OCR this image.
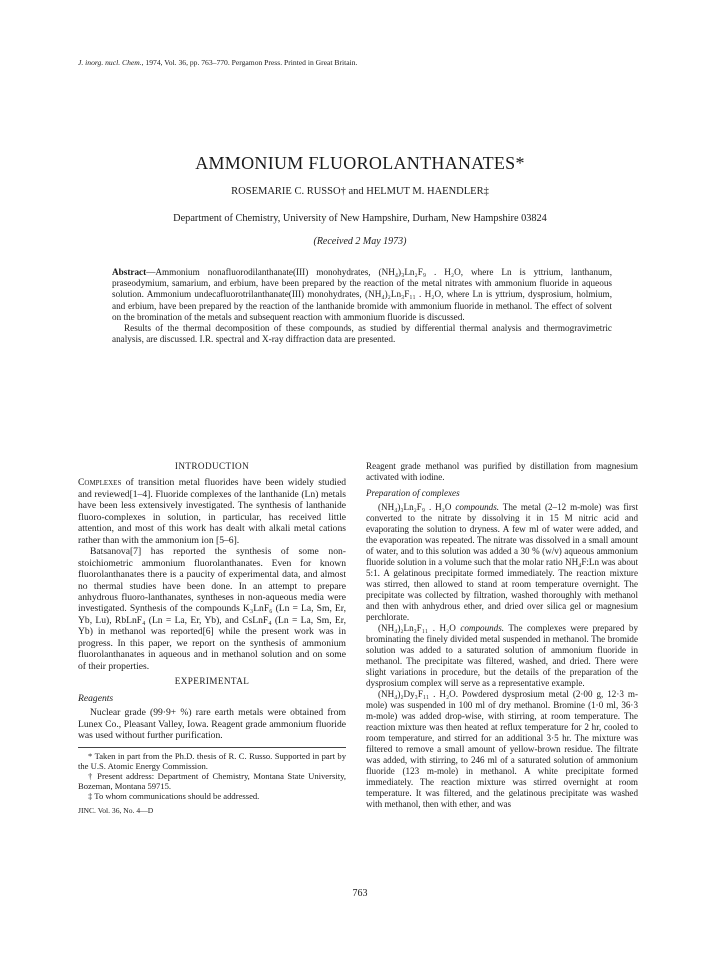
J. inorg. nucl. Chem., 1974, Vol. 36, pp. 763–770. Pergamon Press. Printed in Great Britain.
AMMONIUM FLUOROLANTHANATES*
ROSEMARIE C. RUSSO† and HELMUT M. HAENDLER‡
Department of Chemistry, University of New Hampshire, Durham, New Hampshire 03824
(Received 2 May 1973)
Abstract—Ammonium nonafluorodilanthanate(III) monohydrates, (NH₄)₃Ln₂F₉ . H₂O, where Ln is yttrium, lanthanum, praseodymium, samarium, and erbium, have been prepared by the reaction of the metal nitrates with ammonium fluoride in aqueous solution. Ammonium undecafluorotrilanthanate(III) monohydrates, (NH₄)₂Ln₃F₁₁ . H₂O, where Ln is yttrium, dysprosium, holmium, and erbium, have been prepared by the reaction of the lanthanide bromide with ammonium fluoride in methanol. The effect of solvent on the bromination of the metals and subsequent reaction with ammonium fluoride is discussed.
Results of the thermal decomposition of these compounds, as studied by differential thermal analysis and thermogravimetric analysis, are discussed. I.R. spectral and X-ray diffraction data are presented.
INTRODUCTION

Complexes of transition metal fluorides have been widely studied and reviewed[1–4]. Fluoride complexes of the lanthanide (Ln) metals have been less extensively investigated. The synthesis of lanthanide fluoro-complexes in solution, in particular, has received little attention, and most of this work has dealt with alkali metal cations rather than with the ammonium ion [5–6].

Batsanova[7] has reported the synthesis of some non-stoichiometric ammonium fluorolanthanates. Even for known fluorolanthanates there is a paucity of experimental data, and almost no thermal studies have been done. In an attempt to prepare anhydrous fluoro-lanthanates, syntheses in non-aqueous media were investigated. Synthesis of the compounds K₃LnF₆ (Ln = La, Sm, Er, Yb, Lu), RbLnF₄ (Ln = La, Er, Yb), and CsLnF₄ (Ln = La, Sm, Er, Yb) in methanol was reported[6] while the present work was in progress. In this paper, we report on the synthesis of ammonium fluorolanthanates in aqueous and in methanol solution and on some of their properties.

EXPERIMENTAL
Reagents

Nuclear grade (99·9+ %) rare earth metals were obtained from Lunex Co., Pleasant Valley, Iowa. Reagent grade ammonium fluoride was used without further purification.

* Taken in part from the Ph.D. thesis of R. C. Russo. Supported in part by the U.S. Atomic Energy Commission.

† Present address: Department of Chemistry, Montana State University, Bozeman, Montana 59715.

‡ To whom communications should be addressed.

JINC. Vol. 36, No. 4—D

Reagent grade methanol was purified by distillation from magnesium activated with iodine.

Preparation of complexes

(NH₄)₃Ln₂F₉ . H₂O compounds. The metal (2–12 m-mole) was first converted to the nitrate by dissolving it in 15 M nitric acid and evaporating the solution to dryness. A few ml of water were added, and the evaporation was repeated. The nitrate was dissolved in a small amount of water, and to this solution was added a 30 % (w/v) aqueous ammonium fluoride solution in a volume such that the molar ratio NH₄F:Ln was about 5:1. A gelatinous precipitate formed immediately. The reaction mixture was stirred, then allowed to stand at room temperature overnight. The precipitate was collected by filtration, washed thoroughly with methanol and then with anhydrous ether, and dried over silica gel or magnesium perchlorate.

(NH₄)₂Ln₃F₁₁ . H₂O compounds. The complexes were prepared by brominating the finely divided metal suspended in methanol. The bromide solution was added to a saturated solution of ammonium fluoride in methanol. The precipitate was filtered, washed, and dried. There were slight variations in procedure, but the details of the preparation of the dysprosium complex will serve as a representative example.

(NH₄)₂Dy₃F₁₁ . H₂O. Powdered dysprosium metal (2·00 g, 12·3 m-mole) was suspended in 100 ml of dry methanol. Bromine (1·0 ml, 36·3 m-mole) was added drop-wise, with stirring, at room temperature. The reaction mixture was then heated at reflux temperature for 2 hr, cooled to room temperature, and stirred for an additional 3·5 hr. The mixture was filtered to remove a small amount of yellow-brown residue. The filtrate was added, with stirring, to 246 ml of a saturated solution of ammonium fluoride (123 m-mole) in methanol. A white precipitate formed immediately. The reaction mixture was stirred overnight at room temperature. It was filtered, and the gelatinous precipitate was washed with methanol, then with ether, and was

763
